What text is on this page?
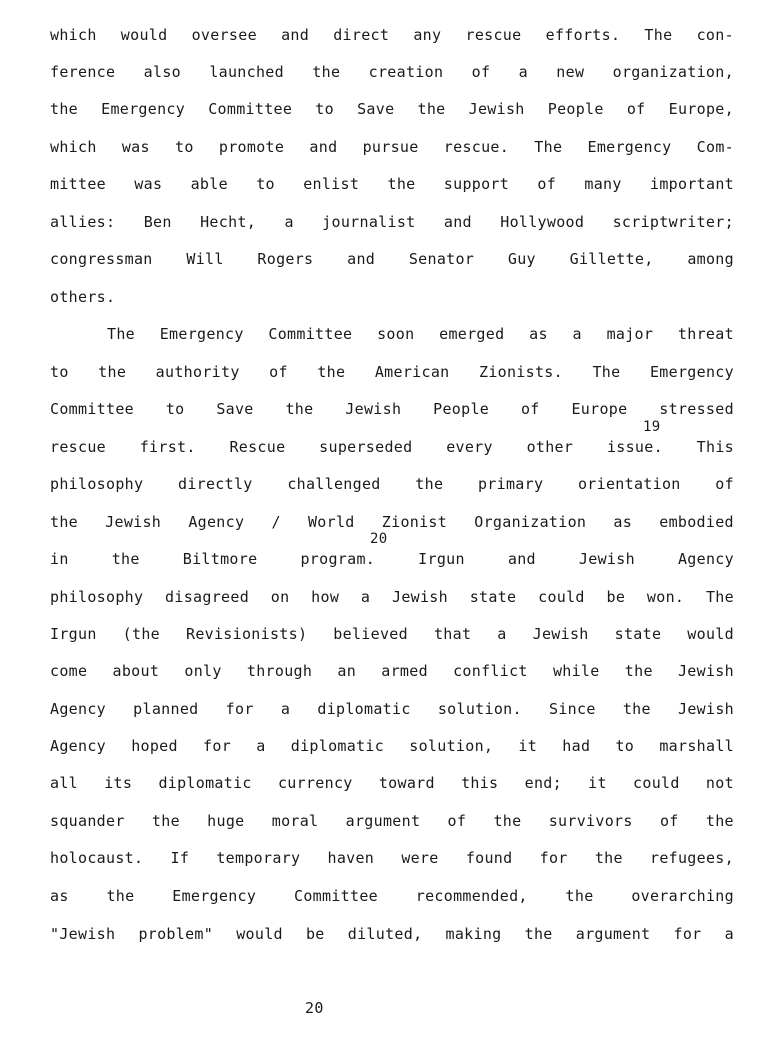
which would oversee and direct any rescue efforts. The con-
ference also launched the creation of a new organization,
the Emergency Committee to Save the Jewish People of Europe,
which was to promote and pursue rescue. The Emergency Com-
mittee was able to enlist the support of many important
allies: Ben Hecht, a journalist and Hollywood scriptwriter;
congressman Will Rogers and Senator Guy Gillette, among
others.
The Emergency Committee soon emerged as a major threat
to the authority of the American Zionists. The Emergency
Committee to Save the Jewish People of Europe stressed
rescue first. Rescue superseded every other issue. This
philosophy directly challenged the primary orientation of
the Jewish Agency / World Zionist Organization as embodied
in	the	Biltmore	program.	Irgun	and	Jewish	Agency
philosophy disagreed on how a Jewish state could be won. The
Irgun (the Revisionists) believed that a Jewish state would
come about only through an armed conflict while the Jewish
Agency planned for a diplomatic solution. Since the Jewish
Agency hoped for a diplomatic solution, it had to marshall
all its diplomatic currency toward this end; it could not
squander the huge moral argument of the survivors of the
holocaust. If temporary haven were found for the refugees,
as	the	Emergency	Committee	recommended,	the	overarching
"Jewish problem" would be diluted, making the argument for a
19
20
20
